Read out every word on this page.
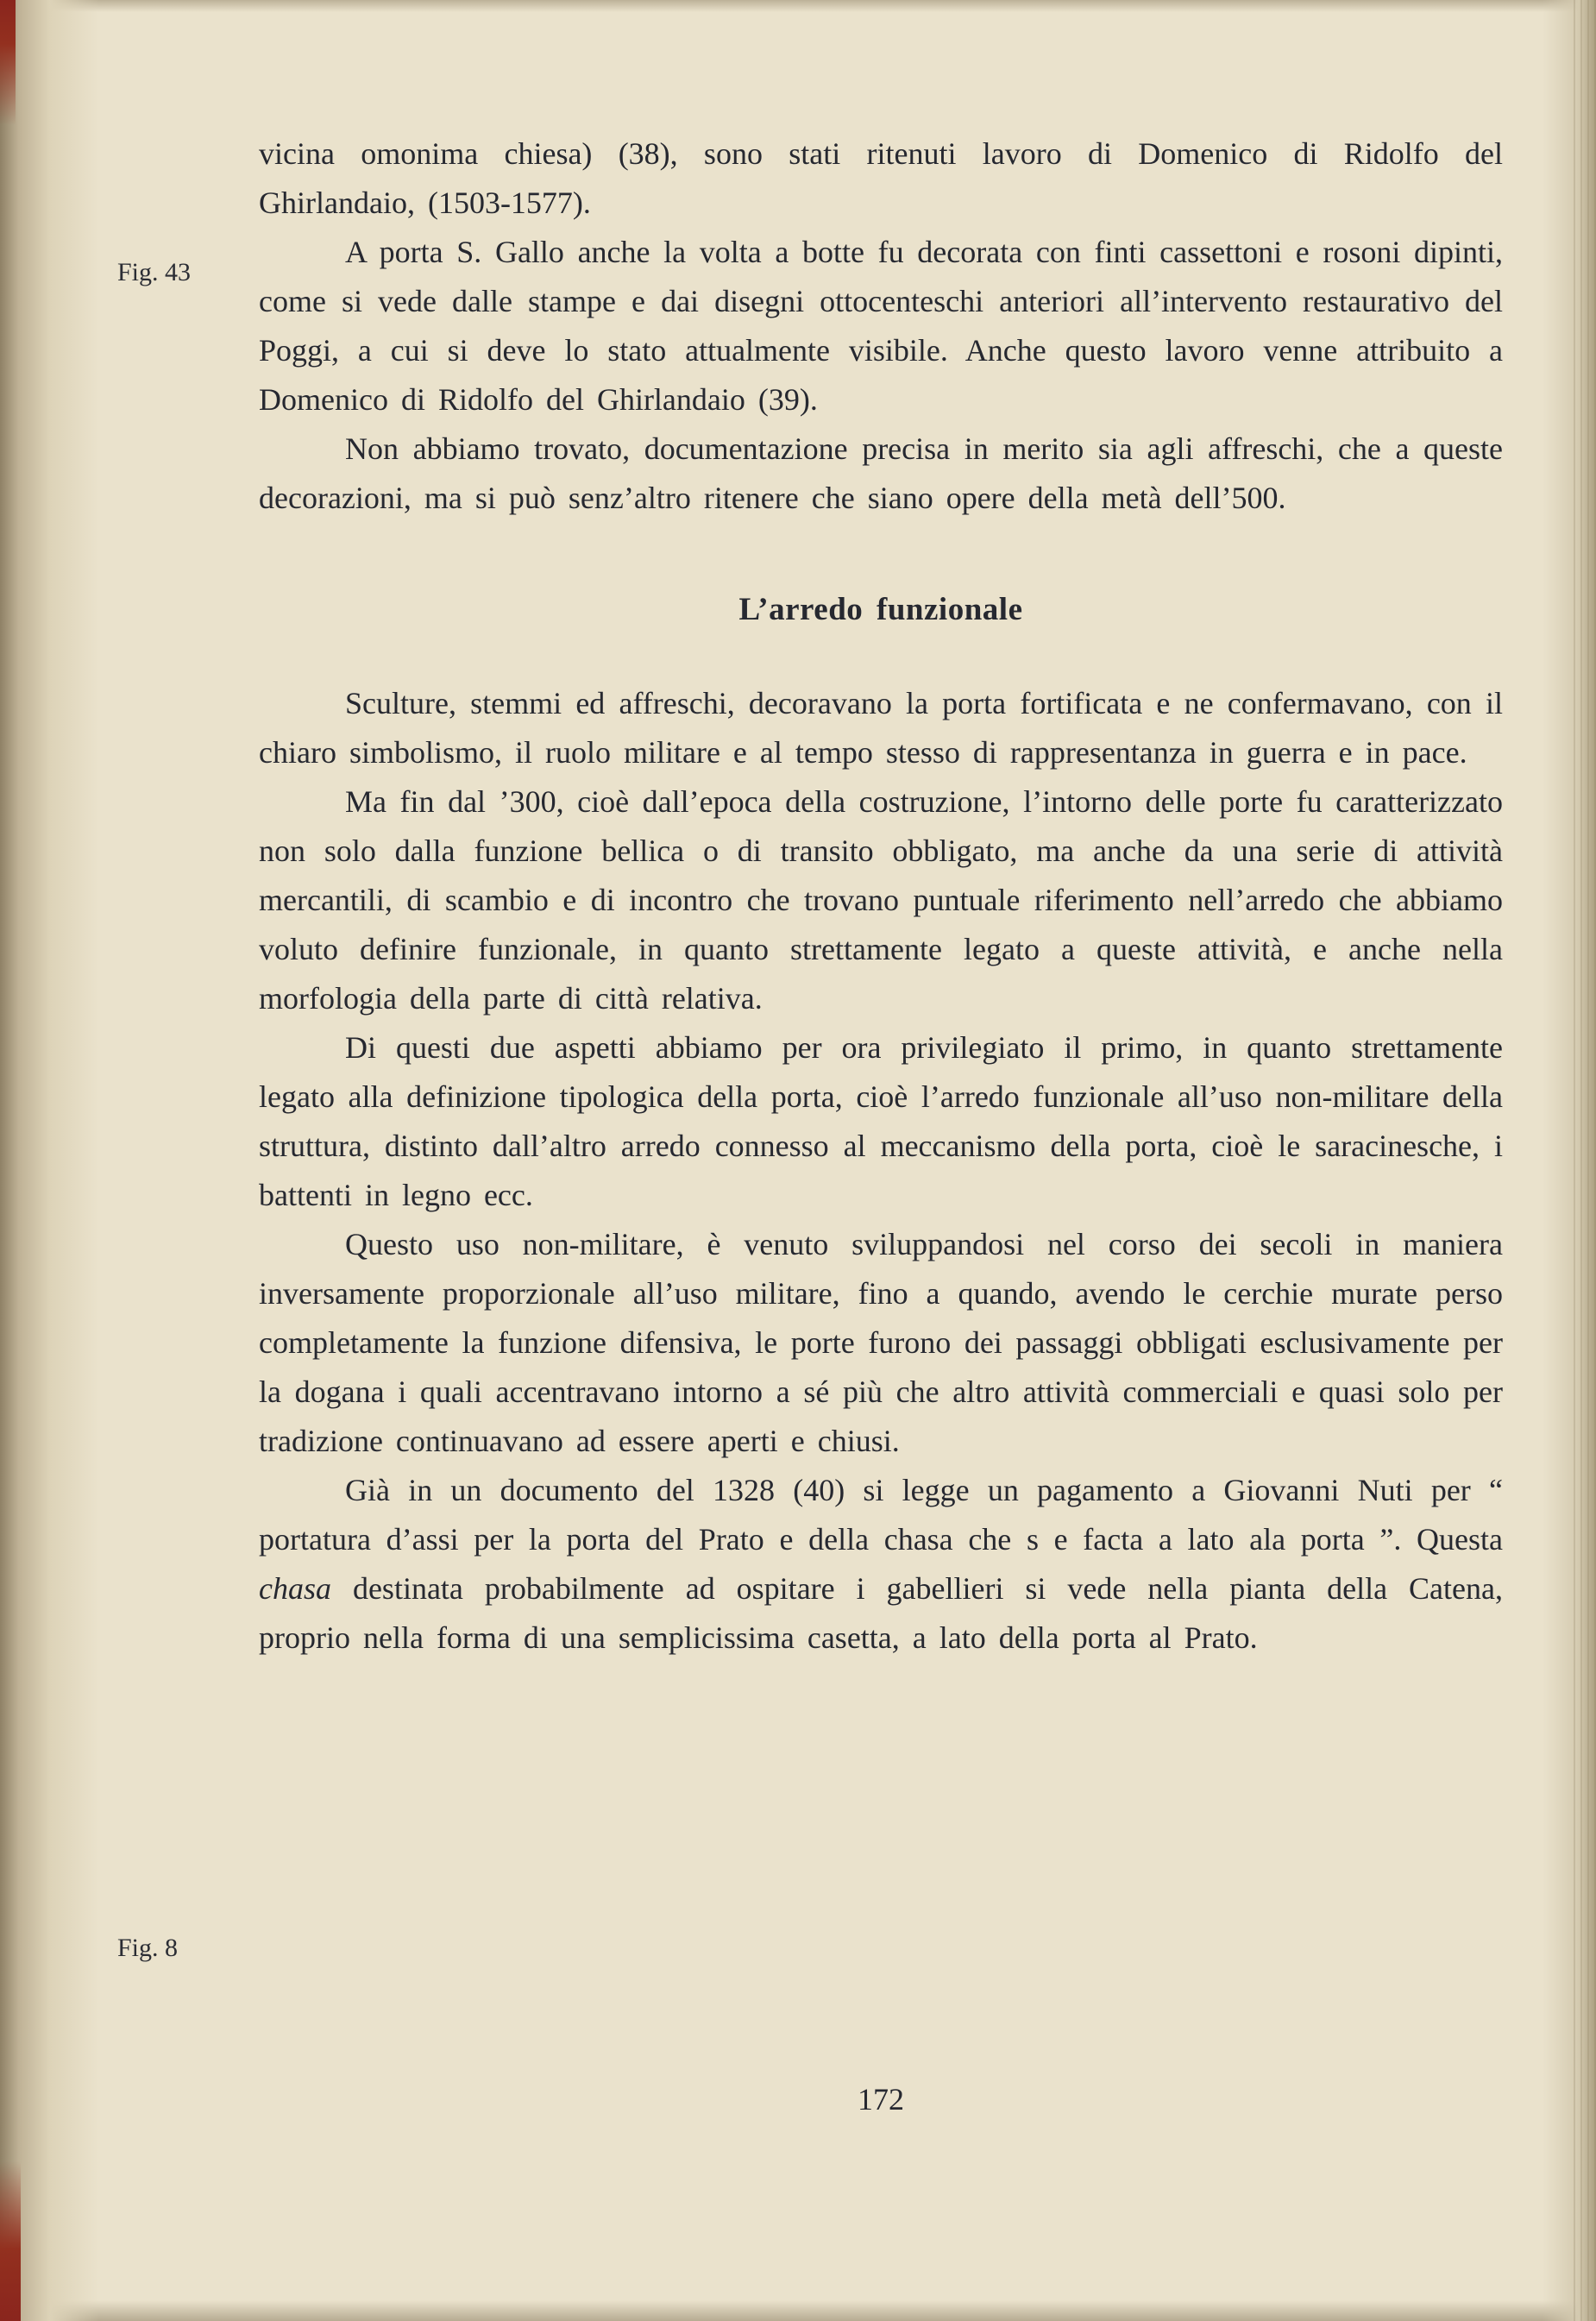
Fig. 43
Fig. 8

vicina omonima chiesa) (38), sono stati ritenuti lavoro di Domenico di Ridolfo del Ghirlandaio, (1503-1577).

A porta S. Gallo anche la volta a botte fu decorata con finti cassettoni e rosoni dipinti, come si vede dalle stampe e dai disegni ottocenteschi anteriori all’intervento restaurativo del Poggi, a cui si deve lo stato attualmente visibile. Anche questo lavoro venne attribuito a Domenico di Ridolfo del Ghirlandaio (39).

Non abbiamo trovato, documentazione precisa in merito sia agli affreschi, che a queste decorazioni, ma si può senz’altro ritenere che siano opere della metà dell’500.

L’arredo funzionale

Sculture, stemmi ed affreschi, decoravano la porta fortificata e ne confermavano, con il chiaro simbolismo, il ruolo militare e al tempo stesso di rappresentanza in guerra e in pace.

Ma fin dal ’300, cioè dall’epoca della costruzione, l’intorno delle porte fu caratterizzato non solo dalla funzione bellica o di transito obbligato, ma anche da una serie di attività mercantili, di scambio e di incontro che trovano puntuale riferimento nell’arredo che abbiamo voluto definire funzionale, in quanto strettamente legato a queste attività, e anche nella morfologia della parte di città relativa.

Di questi due aspetti abbiamo per ora privilegiato il primo, in quanto strettamente legato alla definizione tipologica della porta, cioè l’arredo funzionale all’uso non-militare della struttura, distinto dall’altro arredo connesso al meccanismo della porta, cioè le saracinesche, i battenti in legno ecc.

Questo uso non-militare, è venuto sviluppandosi nel corso dei secoli in maniera inversamente proporzionale all’uso militare, fino a quando, avendo le cerchie murate perso completamente la funzione difensiva, le porte furono dei passaggi obbligati esclusivamente per la dogana i quali accentravano intorno a sé più che altro attività commerciali e quasi solo per tradizione continuavano ad essere aperti e chiusi.

Già in un documento del 1328 (40) si legge un pagamento a Giovanni Nuti per “ portatura d’assi per la porta del Prato e della chasa che s e facta a lato ala porta ”. Questa chasa destinata probabilmente ad ospitare i gabellieri si vede nella pianta della Catena, proprio nella forma di una semplicissima casetta, a lato della porta al Prato.

172
